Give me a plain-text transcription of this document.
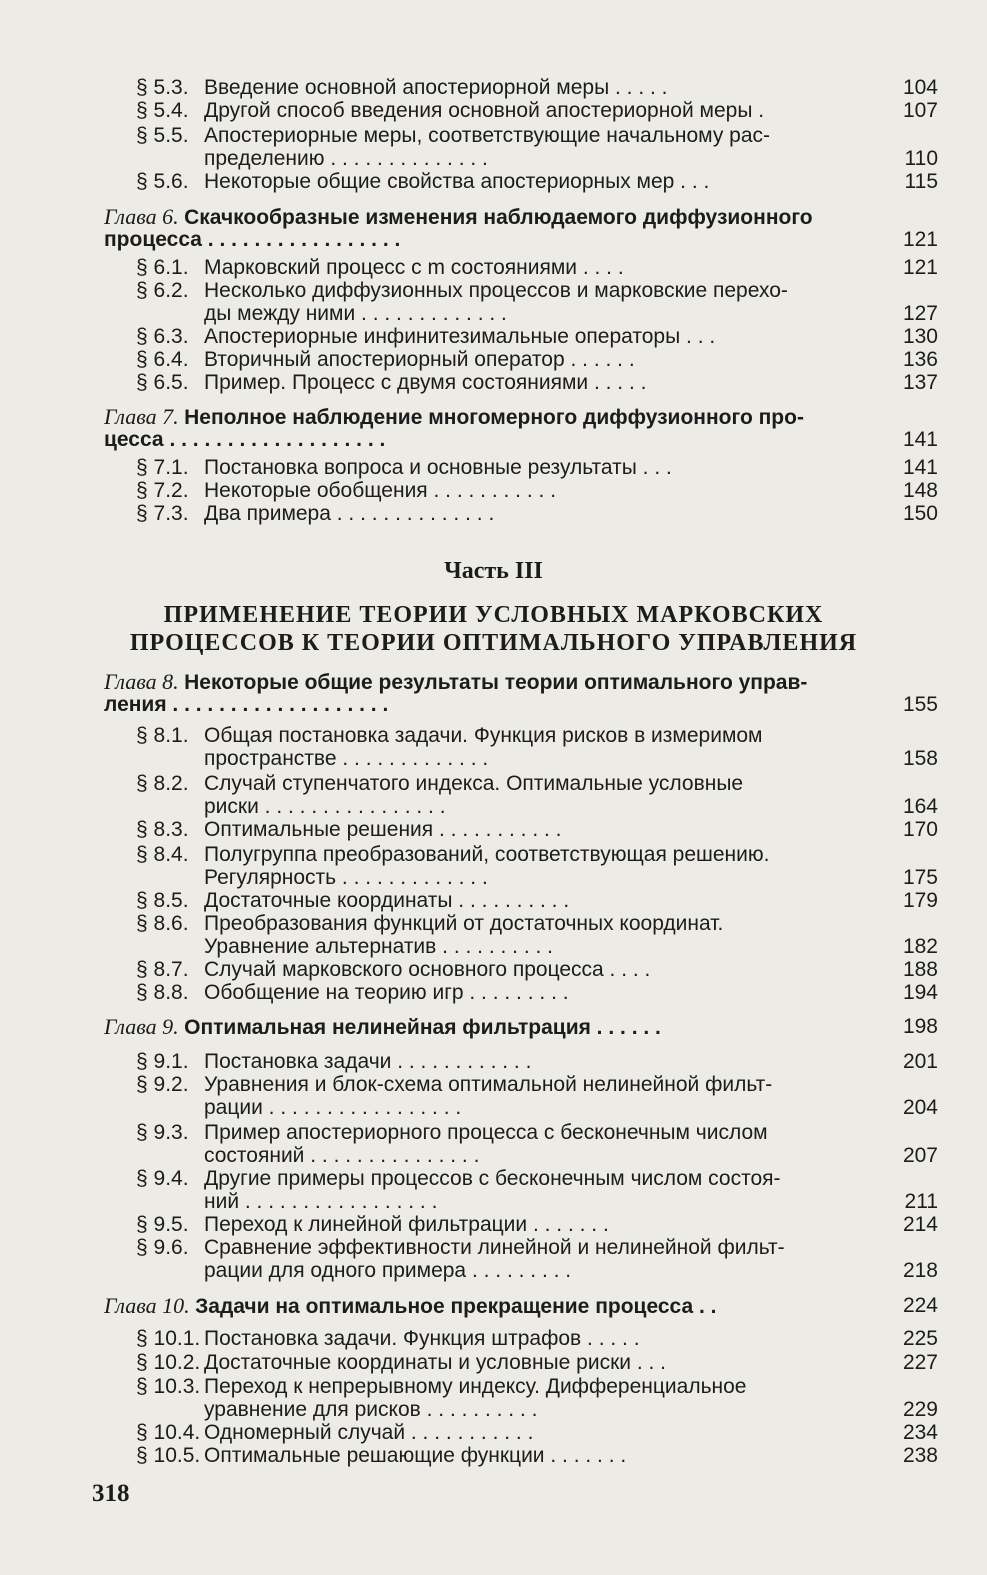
§ 5.3. Введение основной апостериорной меры . . . . .	104
§ 5.4. Другой способ введения основной апостериорной меры .	107
§ 5.5. Апостериорные меры, соответствующие начальному рас-
пределению . . . . . . . . . . . . . .	110
§ 5.6. Некоторые общие свойства апостериорных мер . . .	115
Глава 6. Скачкообразные изменения наблюдаемого диффузионного
процесса . . . . . . . . . . . . . . . . .	121
§ 6.1. Марковский процесс с m состояниями . . . .	121
§ 6.2. Несколько диффузионных процессов и марковские перехо-
ды между ними . . . . . . . . . . . . .	127
§ 6.3. Апостериорные инфинитезимальные операторы . . .	130
§ 6.4. Вторичный апостериорный оператор . . . . . .	136
§ 6.5. Пример. Процесс с двумя состояниями . . . . .	137
Глава 7. Неполное наблюдение многомерного диффузионного про-
цесса . . . . . . . . . . . . . . . . . . .	141
§ 7.1. Постановка вопроса и основные результаты . . .	141
§ 7.2. Некоторые обобщения . . . . . . . . . . .	148
§ 7.3. Два примера . . . . . . . . . . . . . .	150
Глава 8. Некоторые общие результаты теории оптимального управ-
ления . . . . . . . . . . . . . . . . . . .	155
§ 8.1. Общая постановка задачи. Функция рисков в измеримом
пространстве . . . . . . . . . . . . .	158
§ 8.2. Случай ступенчатого индекса. Оптимальные условные
риски . . . . . . . . . . . . . . . .	164
§ 8.3. Оптимальные решения . . . . . . . . . . .	170
§ 8.4. Полугруппа преобразований, соответствующая решению.
Регулярность . . . . . . . . . . . . .	175
§ 8.5. Достаточные координаты . . . . . . . . . .	179
§ 8.6. Преобразования функций от достаточных координат.
Уравнение альтернатив . . . . . . . . . .	182
§ 8.7. Случай марковского основного процесса . . . .	188
§ 8.8. Обобщение на теорию игр . . . . . . . . .	194
Глава 9. Оптимальная нелинейная фильтрация . . . . . .	198
§ 9.1. Постановка задачи . . . . . . . . . . . .	201
§ 9.2. Уравнения и блок-схема оптимальной нелинейной фильт-
рации . . . . . . . . . . . . . . . . .	204
§ 9.3. Пример апостериорного процесса с бесконечным числом
состояний . . . . . . . . . . . . . . .	207
§ 9.4. Другие примеры процессов с бесконечным числом состоя-
ний . . . . . . . . . . . . . . . . .	211
§ 9.5. Переход к линейной фильтрации . . . . . . .	214
§ 9.6. Сравнение эффективности линейной и нелинейной фильт-
рации для одного примера . . . . . . . . .	218
Глава 10. Задачи на оптимальное прекращение процесса . .	224
§ 10.1. Постановка задачи. Функция штрафов . . . . .	225
§ 10.2. Достаточные координаты и условные риски . . .	227
§ 10.3. Переход к непрерывному индексу. Дифференциальное
уравнение для рисков . . . . . . . . . .	229
§ 10.4. Одномерный случай . . . . . . . . . . .	234
§ 10.5. Оптимальные решающие функции . . . . . . .	238
Часть III
ПРИМЕНЕНИЕ ТЕОРИИ УСЛОВНЫХ МАРКОВСКИХ
ПРОЦЕССОВ К ТЕОРИИ ОПТИМАЛЬНОГО УПРАВЛЕНИЯ
318
